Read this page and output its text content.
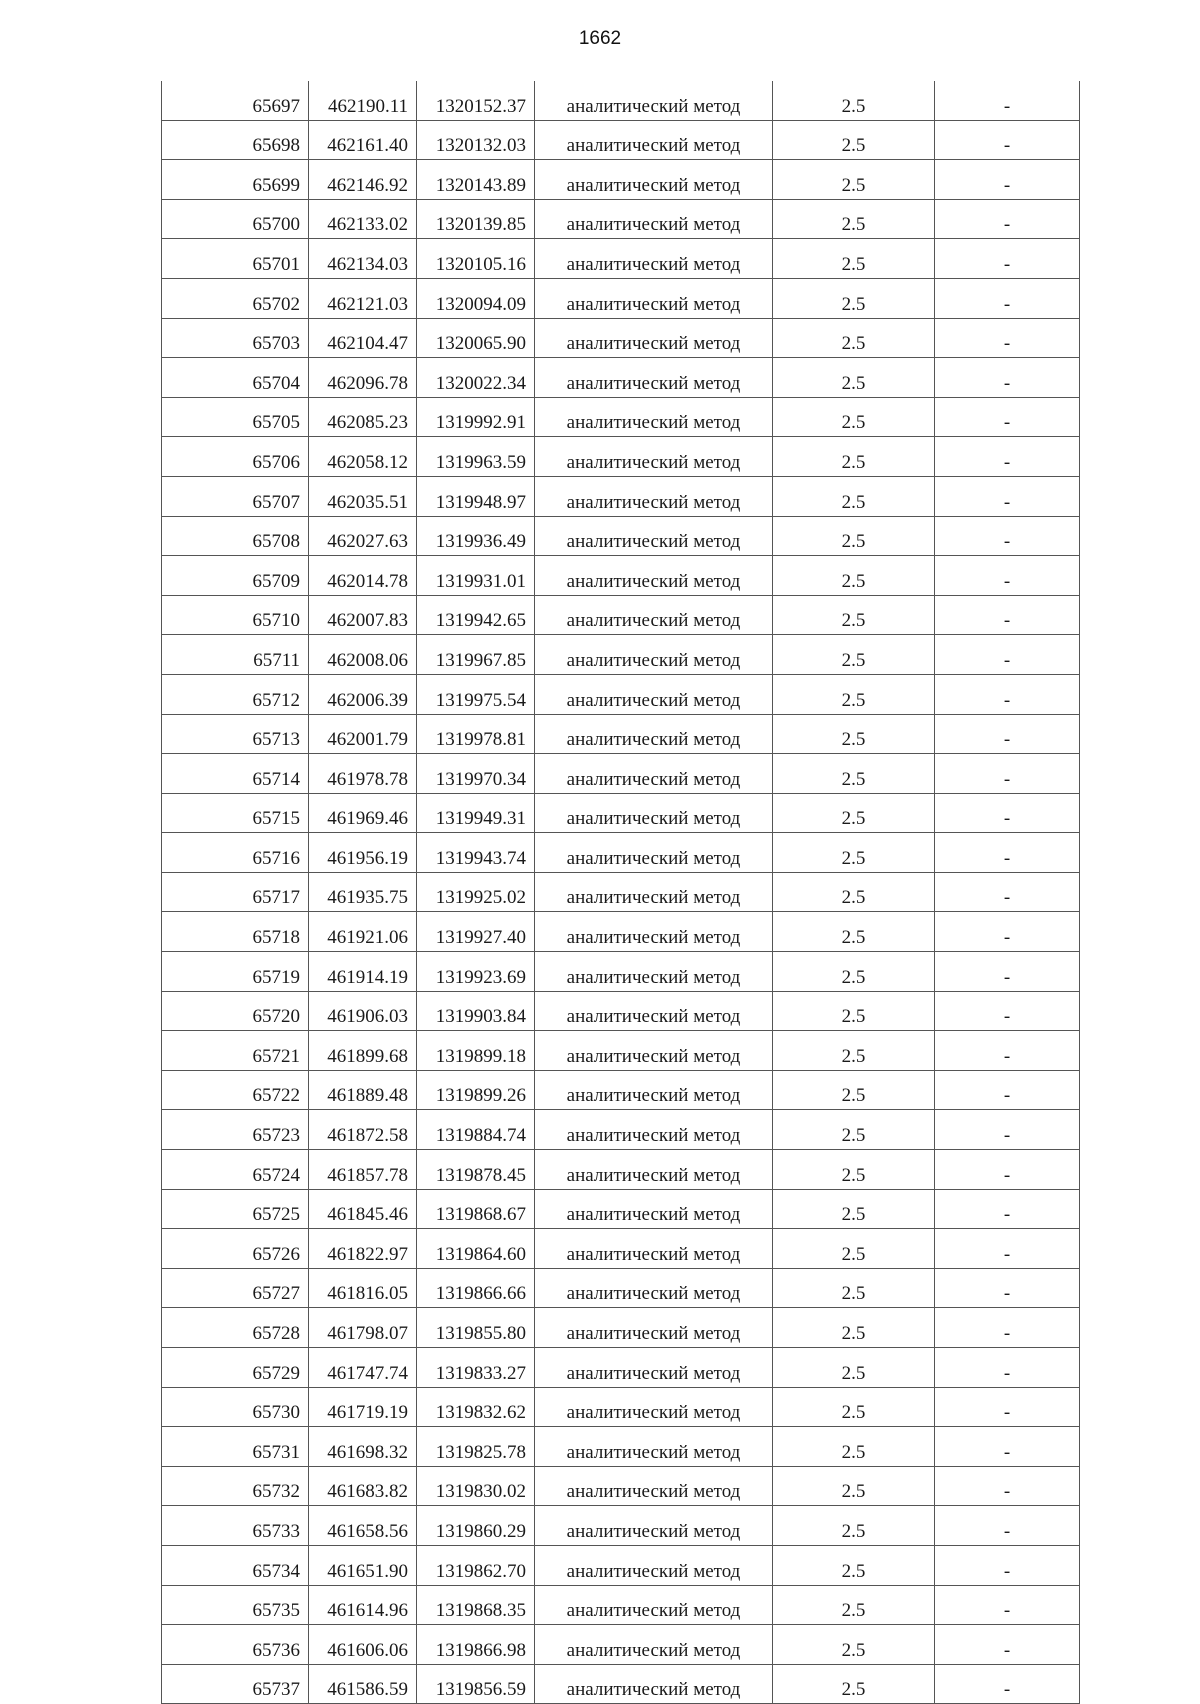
1662
65697	462190.11	1320152.37	аналитический метод	2.5	-
65698	462161.40	1320132.03	аналитический метод	2.5	-
65699	462146.92	1320143.89	аналитический метод	2.5	-
65700	462133.02	1320139.85	аналитический метод	2.5	-
65701	462134.03	1320105.16	аналитический метод	2.5	-
65702	462121.03	1320094.09	аналитический метод	2.5	-
65703	462104.47	1320065.90	аналитический метод	2.5	-
65704	462096.78	1320022.34	аналитический метод	2.5	-
65705	462085.23	1319992.91	аналитический метод	2.5	-
65706	462058.12	1319963.59	аналитический метод	2.5	-
65707	462035.51	1319948.97	аналитический метод	2.5	-
65708	462027.63	1319936.49	аналитический метод	2.5	-
65709	462014.78	1319931.01	аналитический метод	2.5	-
65710	462007.83	1319942.65	аналитический метод	2.5	-
65711	462008.06	1319967.85	аналитический метод	2.5	-
65712	462006.39	1319975.54	аналитический метод	2.5	-
65713	462001.79	1319978.81	аналитический метод	2.5	-
65714	461978.78	1319970.34	аналитический метод	2.5	-
65715	461969.46	1319949.31	аналитический метод	2.5	-
65716	461956.19	1319943.74	аналитический метод	2.5	-
65717	461935.75	1319925.02	аналитический метод	2.5	-
65718	461921.06	1319927.40	аналитический метод	2.5	-
65719	461914.19	1319923.69	аналитический метод	2.5	-
65720	461906.03	1319903.84	аналитический метод	2.5	-
65721	461899.68	1319899.18	аналитический метод	2.5	-
65722	461889.48	1319899.26	аналитический метод	2.5	-
65723	461872.58	1319884.74	аналитический метод	2.5	-
65724	461857.78	1319878.45	аналитический метод	2.5	-
65725	461845.46	1319868.67	аналитический метод	2.5	-
65726	461822.97	1319864.60	аналитический метод	2.5	-
65727	461816.05	1319866.66	аналитический метод	2.5	-
65728	461798.07	1319855.80	аналитический метод	2.5	-
65729	461747.74	1319833.27	аналитический метод	2.5	-
65730	461719.19	1319832.62	аналитический метод	2.5	-
65731	461698.32	1319825.78	аналитический метод	2.5	-
65732	461683.82	1319830.02	аналитический метод	2.5	-
65733	461658.56	1319860.29	аналитический метод	2.5	-
65734	461651.90	1319862.70	аналитический метод	2.5	-
65735	461614.96	1319868.35	аналитический метод	2.5	-
65736	461606.06	1319866.98	аналитический метод	2.5	-
65737	461586.59	1319856.59	аналитический метод	2.5	-
